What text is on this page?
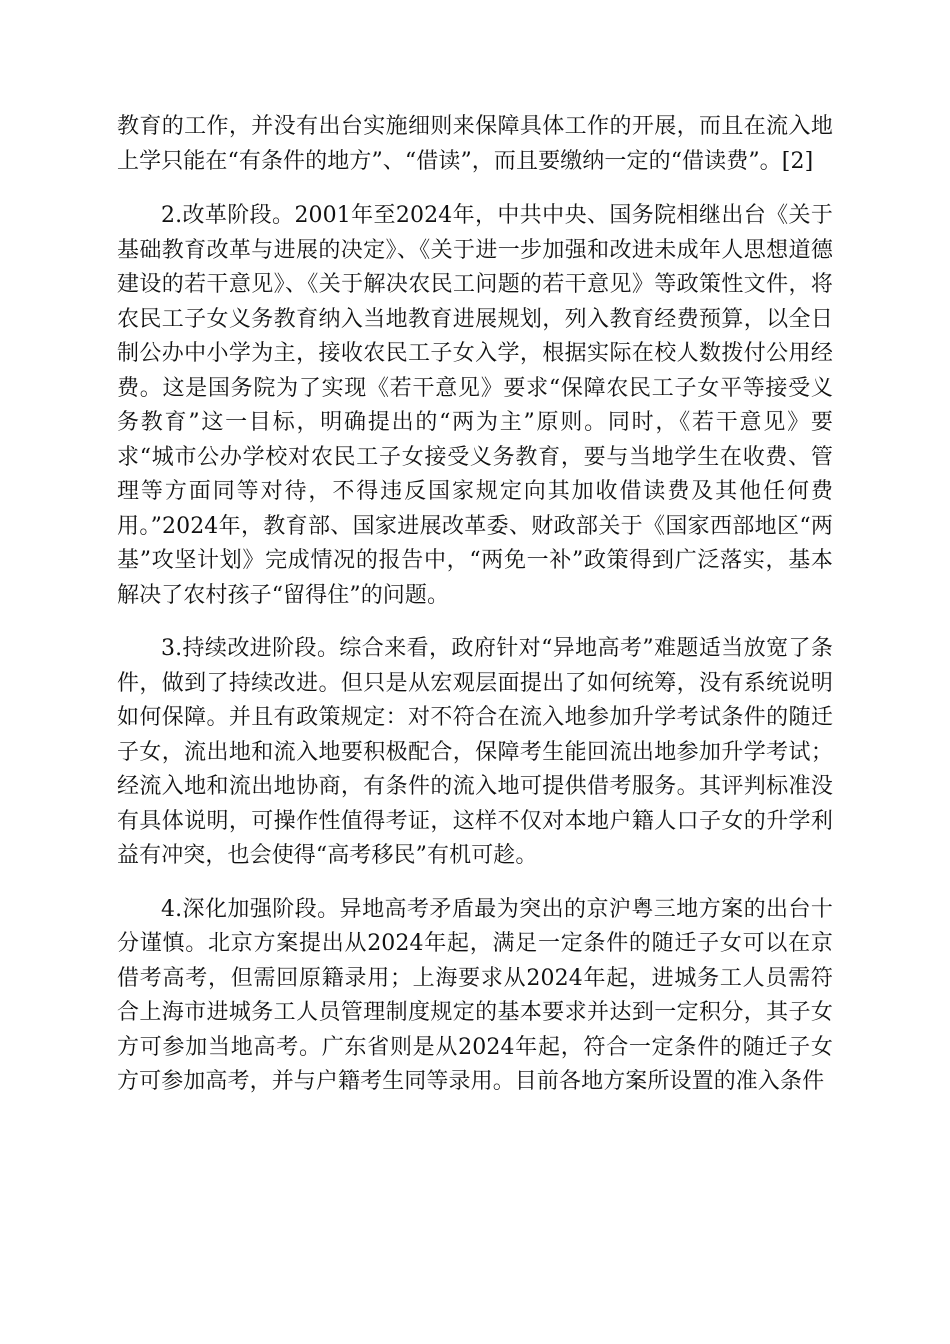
教育的工作，并没有出台实施细则来保障具体工作的开展，而且在流入地上学只能在“有条件的地方”、“借读”，而且要缴纳一定的“借读费”。[2]

2.改革阶段。2001年至2024年，中共中央、国务院相继出台《关于基础教育改革与进展的决定》、《关于进一步加强和改进未成年人思想道德建设的若干意见》、《关于解决农民工问题的若干意见》等政策性文件，将农民工子女义务教育纳入当地教育进展规划，列入教育经费预算，以全日制公办中小学为主，接收农民工子女入学，根据实际在校人数拨付公用经费。这是国务院为了实现《若干意见》要求“保障农民工子女平等接受义务教育”这一目标，明确提出的“两为主”原则。同时，《若干意见》要求“城市公办学校对农民工子女接受义务教育，要与当地学生在收费、管理等方面同等对待，不得违反国家规定向其加收借读费及其他任何费用。”2024年，教育部、国家进展改革委、财政部关于《国家西部地区“两基”攻坚计划》完成情况的报告中，“两免一补”政策得到广泛落实，基本解决了农村孩子“留得住”的问题。

3.持续改进阶段。综合来看，政府针对“异地高考”难题适当放宽了条件，做到了持续改进。但只是从宏观层面提出了如何统筹，没有系统说明如何保障。并且有政策规定：对不符合在流入地参加升学考试条件的随迁子女，流出地和流入地要积极配合，保障考生能回流出地参加升学考试；经流入地和流出地协商，有条件的流入地可提供借考服务。其评判标准没有具体说明，可操作性值得考证，这样不仅对本地户籍人口子女的升学利益有冲突，也会使得“高考移民”有机可趁。

4.深化加强阶段。异地高考矛盾最为突出的京沪粤三地方案的出台十分谨慎。北京方案提出从2024年起，满足一定条件的随迁子女可以在京借考高考，但需回原籍录用；上海要求从2024年起，进城务工人员需符合上海市进城务工人员管理制度规定的基本要求并达到一定积分，其子女方可参加当地高考。广东省则是从2024年起，符合一定条件的随迁子女方可参加高考，并与户籍考生同等录用。目前各地方案所设置的准入条件
